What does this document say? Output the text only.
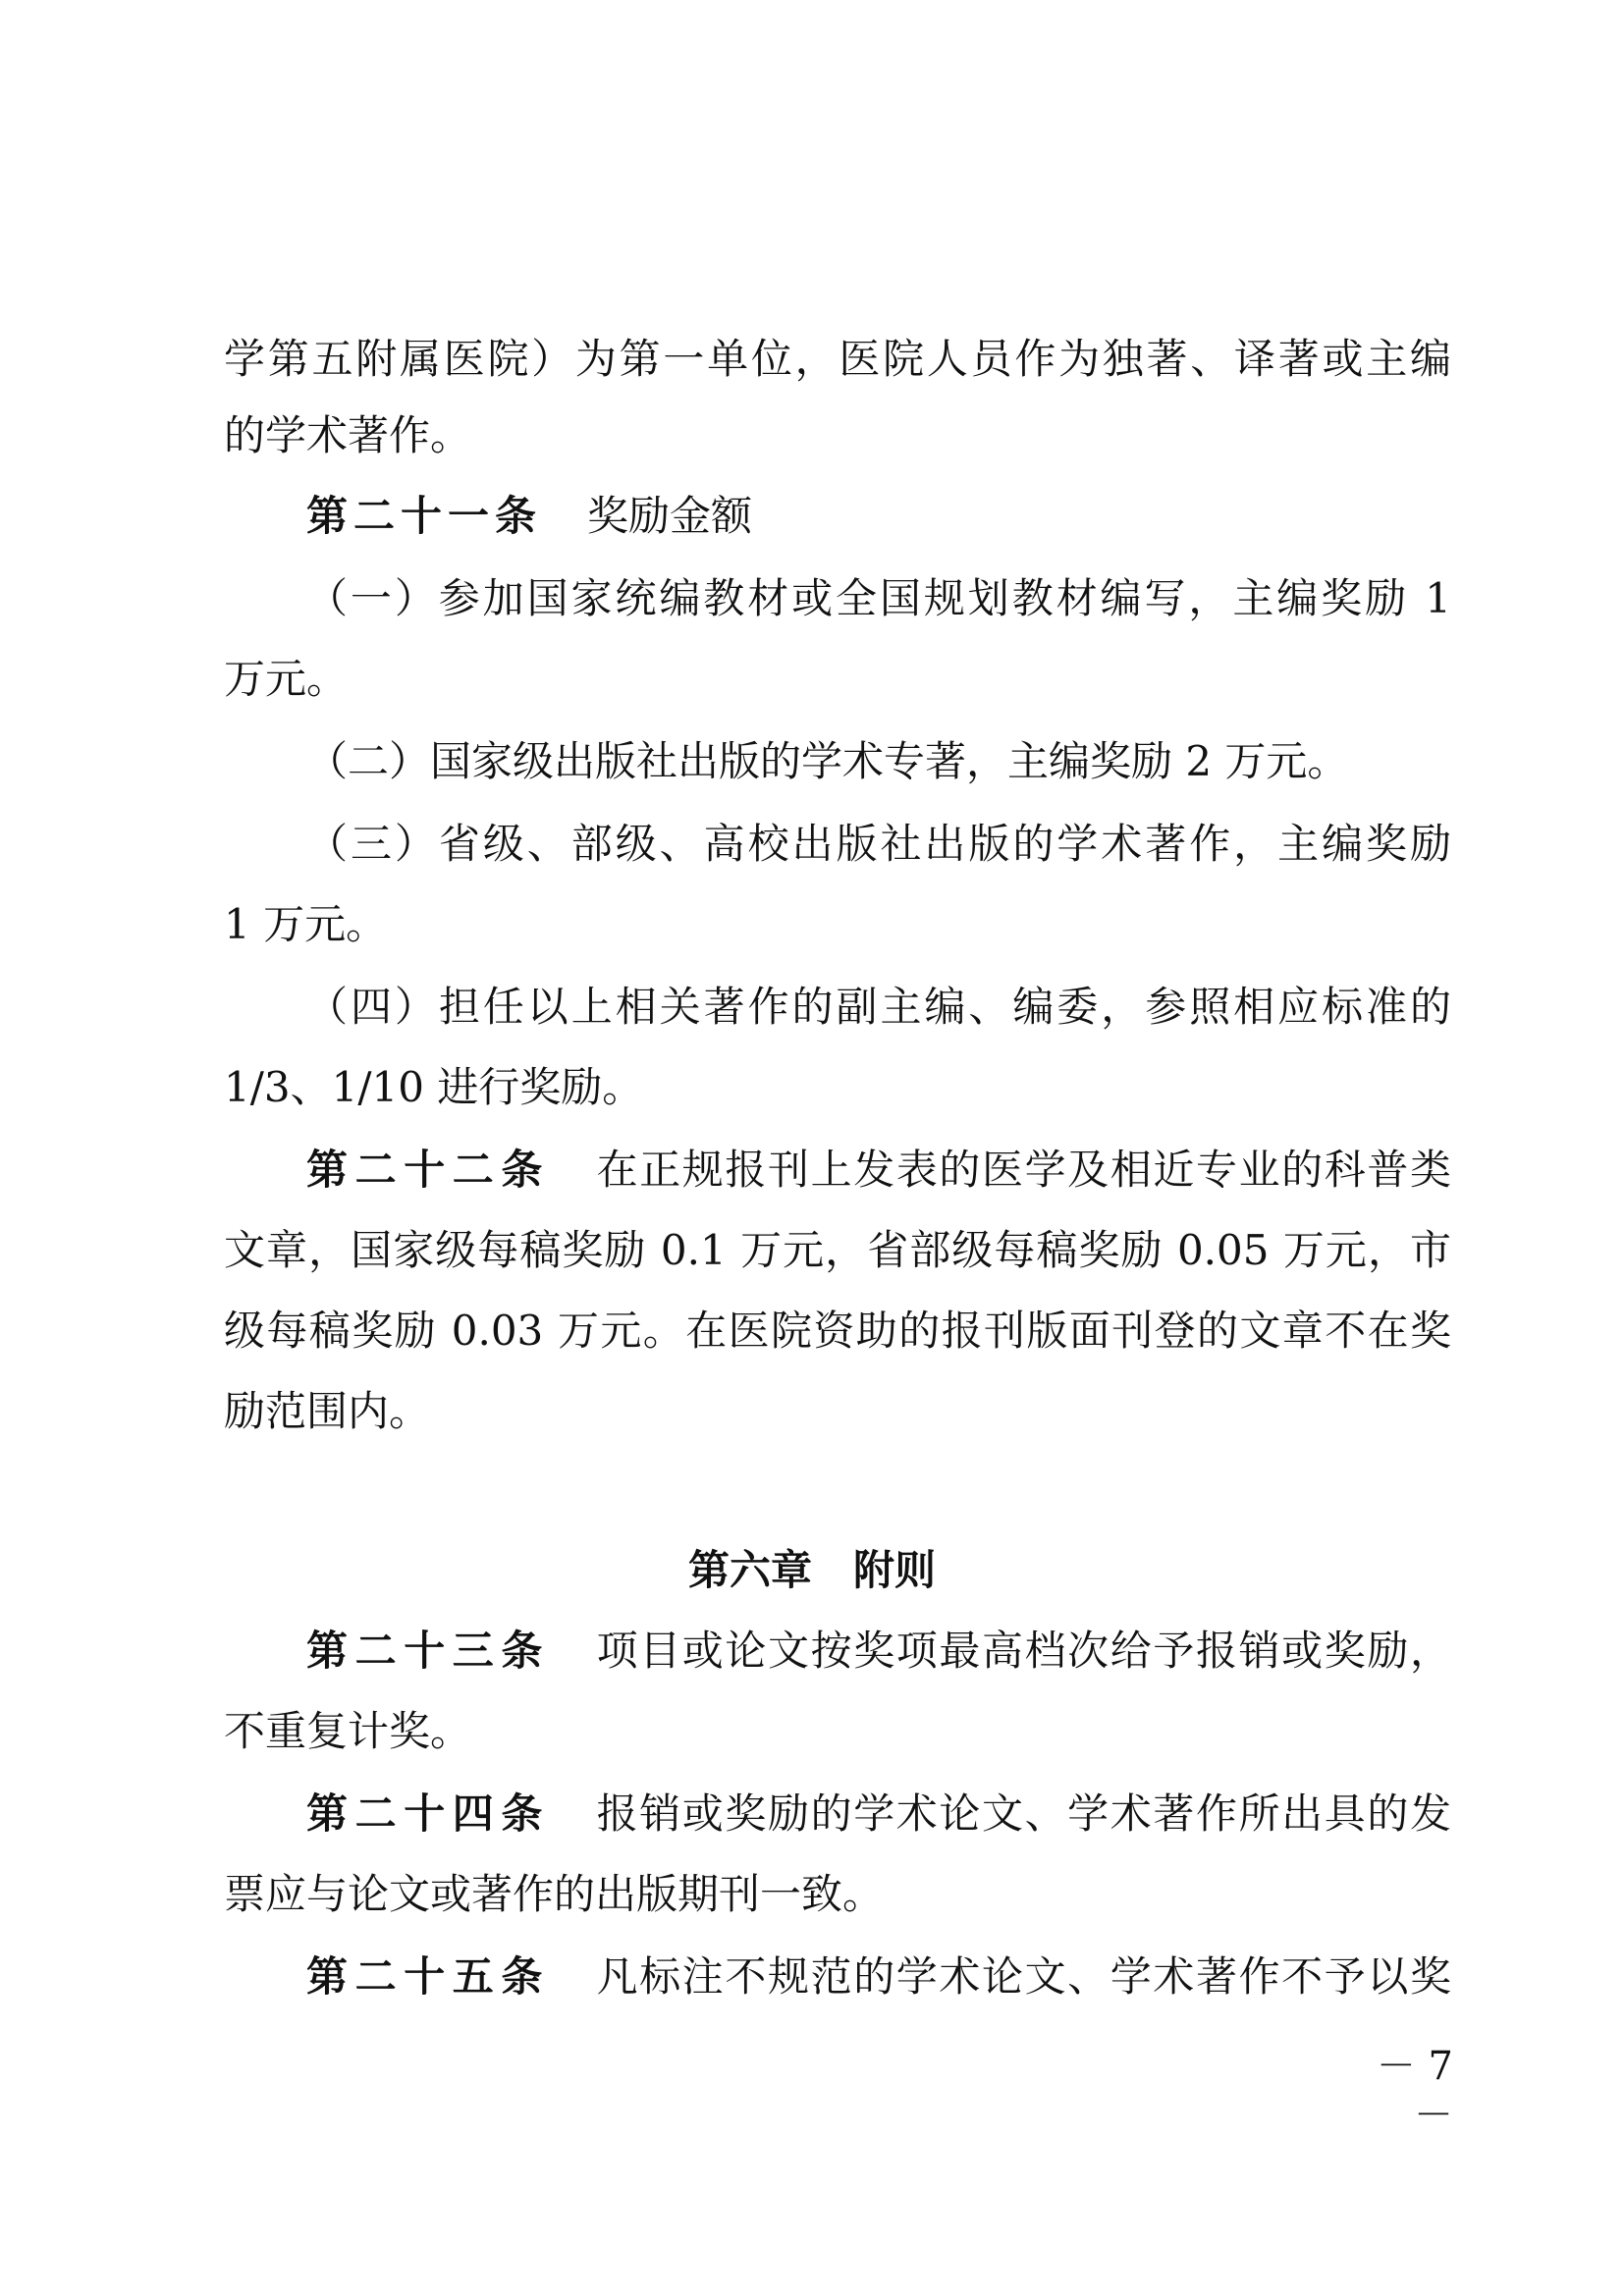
学第五附属医院）为第一单位，医院人员作为独著、译著或主编
的学术著作。
第二十一条 奖励金额
（一）参加国家统编教材或全国规划教材编写，主编奖励 1
万元。
（二）国家级出版社出版的学术专著，主编奖励 2 万元。
（三）省级、部级、高校出版社出版的学术著作，主编奖励
1 万元。
（四）担任以上相关著作的副主编、编委，参照相应标准的
1/3、1/10 进行奖励。
第二十二条 在正规报刊上发表的医学及相近专业的科普类
文章，国家级每稿奖励 0.1 万元，省部级每稿奖励 0.05 万元，市
级每稿奖励 0.03 万元。在医院资助的报刊版面刊登的文章不在奖
励范围内。
第六章　附则
第二十三条 项目或论文按奖项最高档次给予报销或奖励，
不重复计奖。
第二十四条 报销或奖励的学术论文、学术著作所出具的发
票应与论文或著作的出版期刊一致。
第二十五条 凡标注不规范的学术论文、学术著作不予以奖
－ 7 －
